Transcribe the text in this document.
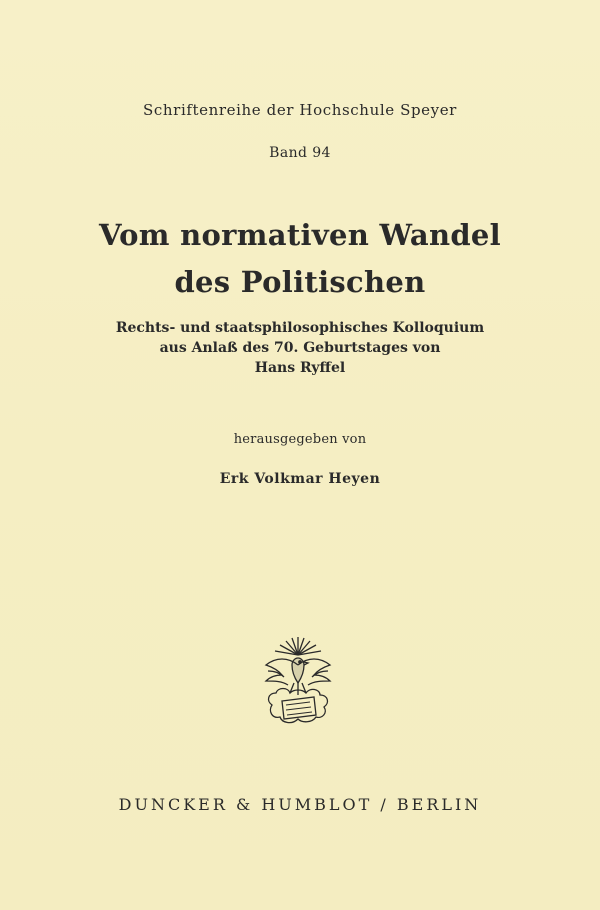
Schriftenreihe der Hochschule Speyer
Band 94
Vom normativen Wandel
des Politischen
Rechts- und staatsphilosophisches Kolloquium
aus Anlaß des 70. Geburtstages von
Hans Ryffel
herausgegeben von
Erk Volkmar Heyen
DUNCKER & HUMBLOT / BERLIN
